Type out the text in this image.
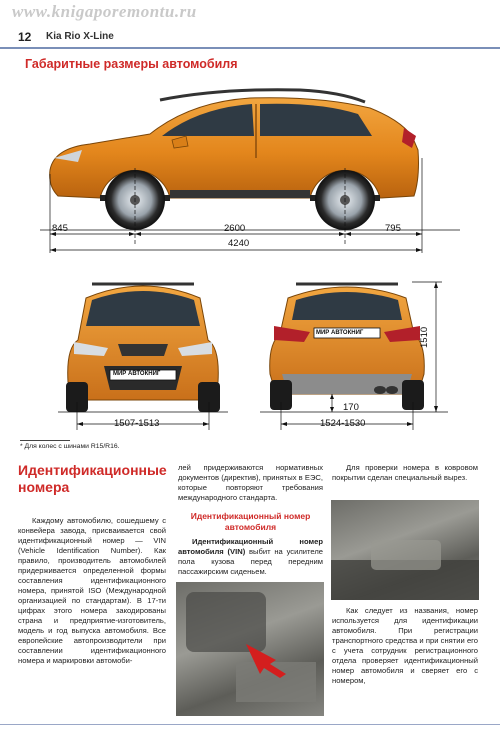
www.knigaporemontu.ru
12 Kia Rio X-Line
Габаритные размеры автомобиля
845	2600	795
4240
МИР АВТОКНИГ
1507-1513
МИР АВТОКНИГ	1510
170
1524-1530
* Для колес с шинами R15/R16.
Идентификационные номера

Каждому автомобилю, сошедшему с конвейера завода, присваивается свой идентификационный номер — VIN (Vehicle Identification Number). Как правило, производитель автомобилей придерживается определенной формы составления идентификационного номера, принятой ISO (Международной организацией по стандартам). В 17-ти цифрах этого номера закодированы страна и предприятие-изготовитель, модель и год выпуска автомобиля. Все европейские автопроизводители при составлении идентификационного номера и маркировки автомоби-

лей придерживаются нормативных документов (директив), принятых в ЕЭС, которые повторяют требования международного стандарта.

Идентификационный номер автомобиля

Идентификационный номер автомобиля (VIN) выбит на усилителе пола кузова перед передним пассажирским сиденьем.

Для проверки номера в ковровом покрытии сделан специальный вырез.

Как следует из названия, номер используется для идентификации автомобиля. При регистрации транспортного средства и при снятии его с учета сотрудник регистрационного отдела проверяет идентификационный номер автомобиля и сверяет его с номером,
